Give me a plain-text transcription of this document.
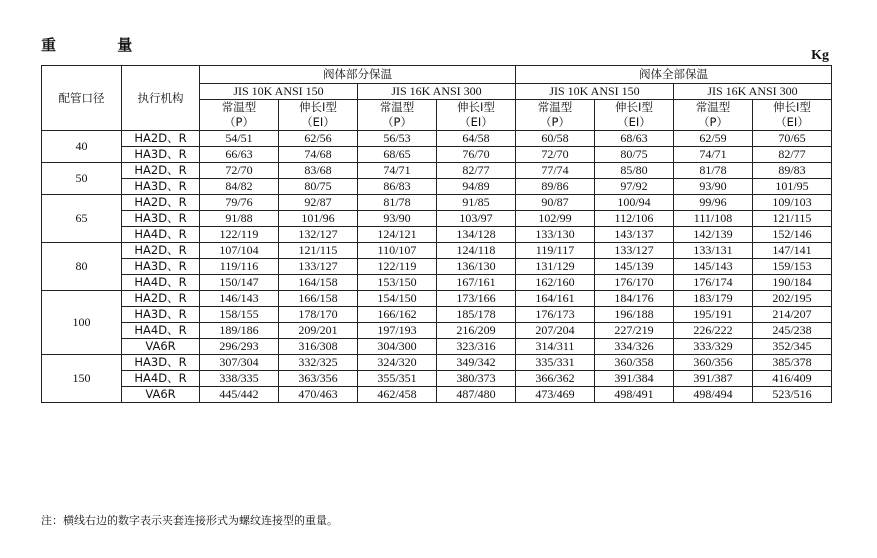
重 量
Kg
配管口径	执行机构	阀体部分保温				阀体全部保温			
		JIS 10K ANSI 150		JIS 16K ANSI 300		JIS 10K ANSI 150		JIS 16K ANSI 300	
		常温型	伸长Ⅰ型	常温型	伸长Ⅰ型	常温型	伸长Ⅰ型	常温型	伸长Ⅰ型
		（P）	（EⅠ）	（P）	（EⅠ）	（P）	（EⅠ）	（P）	（EⅠ）
40	HA2D、R	54/51	62/56	56/53	64/58	60/58	68/63	62/59	70/65
	HA3D、R	66/63	74/68	68/65	76/70	72/70	80/75	74/71	82/77
50	HA2D、R	72/70	83/68	74/71	82/77	77/74	85/80	81/78	89/83
	HA3D、R	84/82	80/75	86/83	94/89	89/86	97/92	93/90	101/95
65	HA2D、R	79/76	92/87	81/78	91/85	90/87	100/94	99/96	109/103
	HA3D、R	91/88	101/96	93/90	103/97	102/99	112/106	111/108	121/115
	HA4D、R	122/119	132/127	124/121	134/128	133/130	143/137	142/139	152/146
80	HA2D、R	107/104	121/115	110/107	124/118	119/117	133/127	133/131	147/141
	HA3D、R	119/116	133/127	122/119	136/130	131/129	145/139	145/143	159/153
	HA4D、R	150/147	164/158	153/150	167/161	162/160	176/170	176/174	190/184
100	HA2D、R	146/143	166/158	154/150	173/166	164/161	184/176	183/179	202/195
	HA3D、R	158/155	178/170	166/162	185/178	176/173	196/188	195/191	214/207
	HA4D、R	189/186	209/201	197/193	216/209	207/204	227/219	226/222	245/238
	VA6R	296/293	316/308	304/300	323/316	314/311	334/326	333/329	352/345
150	HA3D、R	307/304	332/325	324/320	349/342	335/331	360/358	360/356	385/378
	HA4D、R	338/335	363/356	355/351	380/373	366/362	391/384	391/387	416/409
	VA6R	445/442	470/463	462/458	487/480	473/469	498/491	498/494	523/516
注：横线右边的数字表示夹套连接形式为螺纹连接型的重量。
